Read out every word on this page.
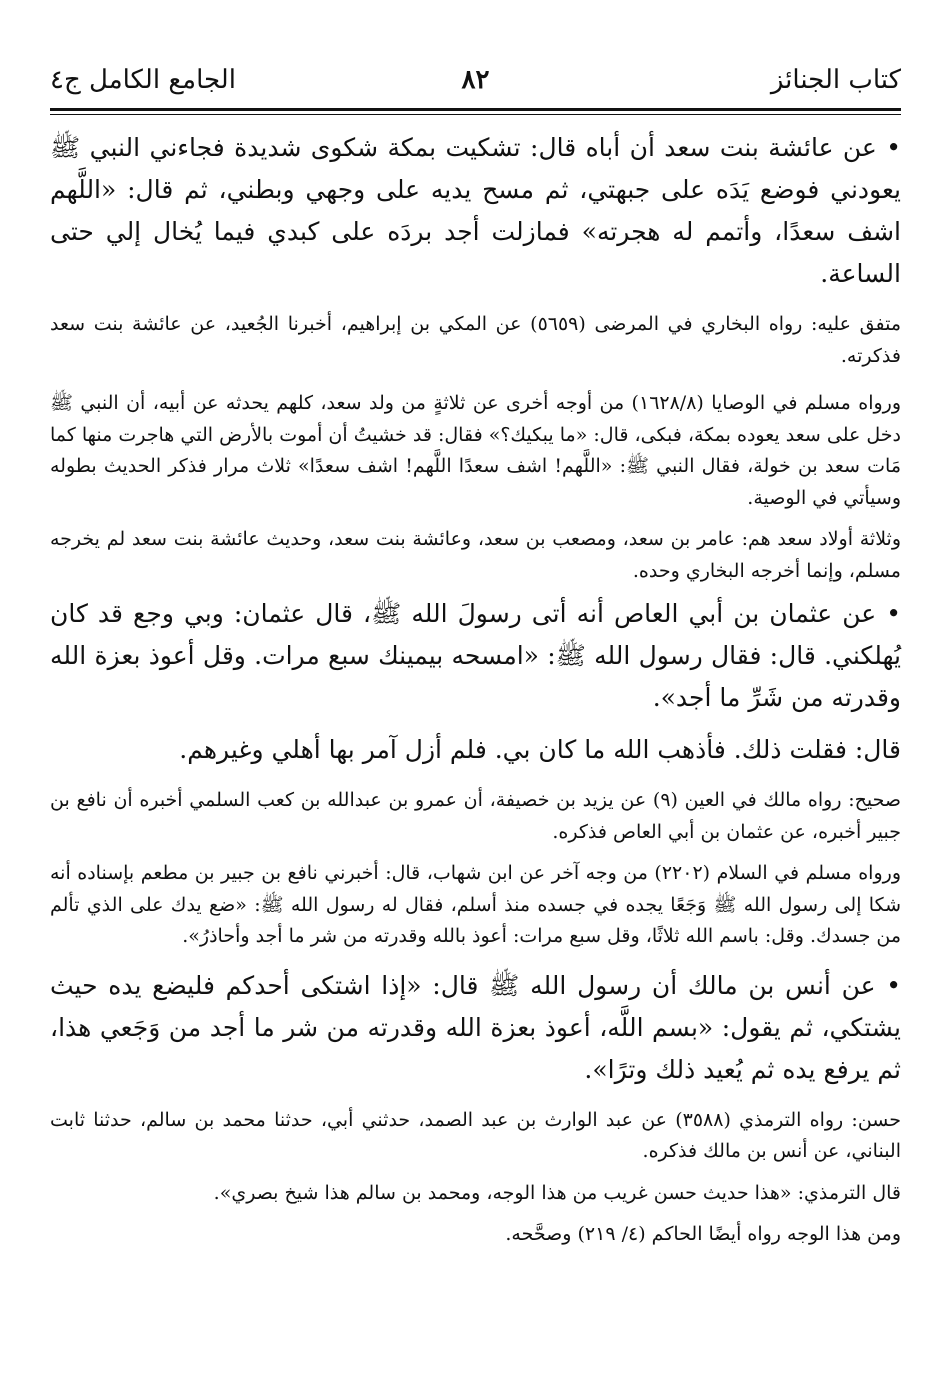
كتاب الجنائز
٨٢
الجامع الكامل ج٤

• عن عائشة بنت سعد أن أباه قال: تشكيت بمكة شكوى شديدة فجاءني النبي ﷺ يعودني فوضع يَدَه على جبهتي، ثم مسح يديه على وجهي وبطني، ثم قال: «اللَّهم اشف سعدًا، وأتمم له هجرته» فمازلت أجد بردَه على كبدي فيما يُخال إلي حتى الساعة.

متفق عليه: رواه البخاري في المرضى (٥٦٥٩) عن المكي بن إبراهيم، أخبرنا الجُعيد، عن عائشة بنت سعد فذكرته.

ورواه مسلم في الوصايا (١٦٢٨/٨) من أوجه أخرى عن ثلاثةٍ من ولد سعد، كلهم يحدثه عن أبيه، أن النبي ﷺ دخل على سعد يعوده بمكة، فبكى، قال: «ما يبكيك؟» فقال: قد خشيتُ أن أموت بالأرض التي هاجرت منها كما مَات سعد بن خولة، فقال النبي ﷺ: «اللَّهم! اشف سعدًا اللَّهم! اشف سعدًا» ثلاث مرار فذكر الحديث بطوله وسيأتي في الوصية.

وثلاثة أولاد سعد هم: عامر بن سعد، ومصعب بن سعد، وعائشة بنت سعد، وحديث عائشة بنت سعد لم يخرجه مسلم، وإنما أخرجه البخاري وحده.

• عن عثمان بن أبي العاص أنه أتى رسولَ الله ﷺ، قال عثمان: وبي وجع قد كان يُهلكني. قال: فقال رسول الله ﷺ: «امسحه بيمينك سبع مرات. وقل أعوذ بعزة الله وقدرته من شَرِّ ما أجد».

قال: فقلت ذلك. فأذهب الله ما كان بي. فلم أزل آمر بها أهلي وغيرهم.

صحيح: رواه مالك في العين (٩) عن يزيد بن خصيفة، أن عمرو بن عبدالله بن كعب السلمي أخبره أن نافع بن جبير أخبره، عن عثمان بن أبي العاص فذكره.

ورواه مسلم في السلام (٢٢٠٢) من وجه آخر عن ابن شهاب، قال: أخبرني نافع بن جبير بن مطعم بإسناده أنه شكا إلى رسول الله ﷺ وَجَعًا يجده في جسده منذ أسلم، فقال له رسول الله ﷺ: «ضع يدك على الذي تألم من جسدك. وقل: باسم الله ثلاثًا، وقل سبع مرات: أعوذ بالله وقدرته من شر ما أجد وأحاذرُ».

• عن أنس بن مالك أن رسول الله ﷺ قال: «إذا اشتكى أحدكم فليضع يده حيث يشتكي، ثم يقول: «بسم اللَّه، أعوذ بعزة الله وقدرته من شر ما أجد من وَجَعي هذا، ثم يرفع يده ثم يُعيد ذلك وترًا».

حسن: رواه الترمذي (٣٥٨٨) عن عبد الوارث بن عبد الصمد، حدثني أبي، حدثنا محمد بن سالم، حدثنا ثابت البناني، عن أنس بن مالك فذكره.

قال الترمذي: «هذا حديث حسن غريب من هذا الوجه، ومحمد بن سالم هذا شيخ بصري».

ومن هذا الوجه رواه أيضًا الحاكم (٤/ ٢١٩) وصحَّحه.
